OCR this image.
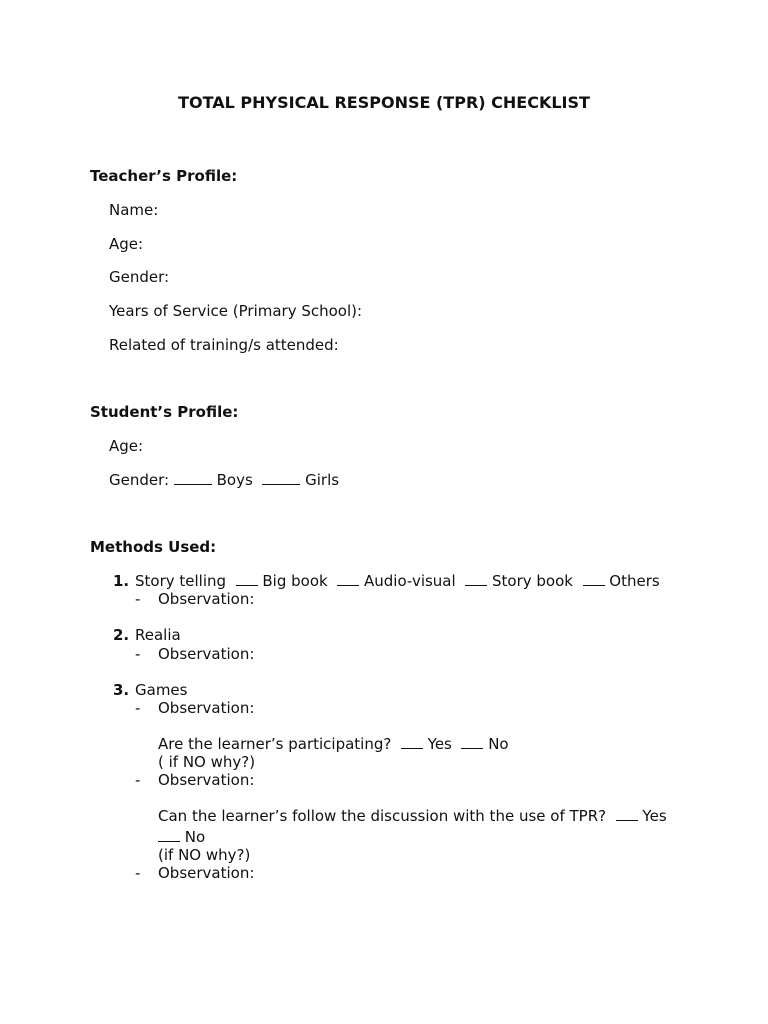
TOTAL PHYSICAL RESPONSE (TPR) CHECKLIST
Teacher’s Profile:
Name:
Age:
Gender:
Years of Service (Primary School):
Related of training/s attended:
Student’s Profile:
Age:
Gender:	Boys	Girls
Methods Used:
1. Story telling Big book Audio-visual Story book Others
- Observation:
2. Realia
- Observation:
3. Games
- Observation:
Are the learner’s participating? Yes No
( if NO why?)
- Observation:
Can the learner’s follow the discussion with the use of TPR? Yes
No
(if NO why?)
- Observation:
